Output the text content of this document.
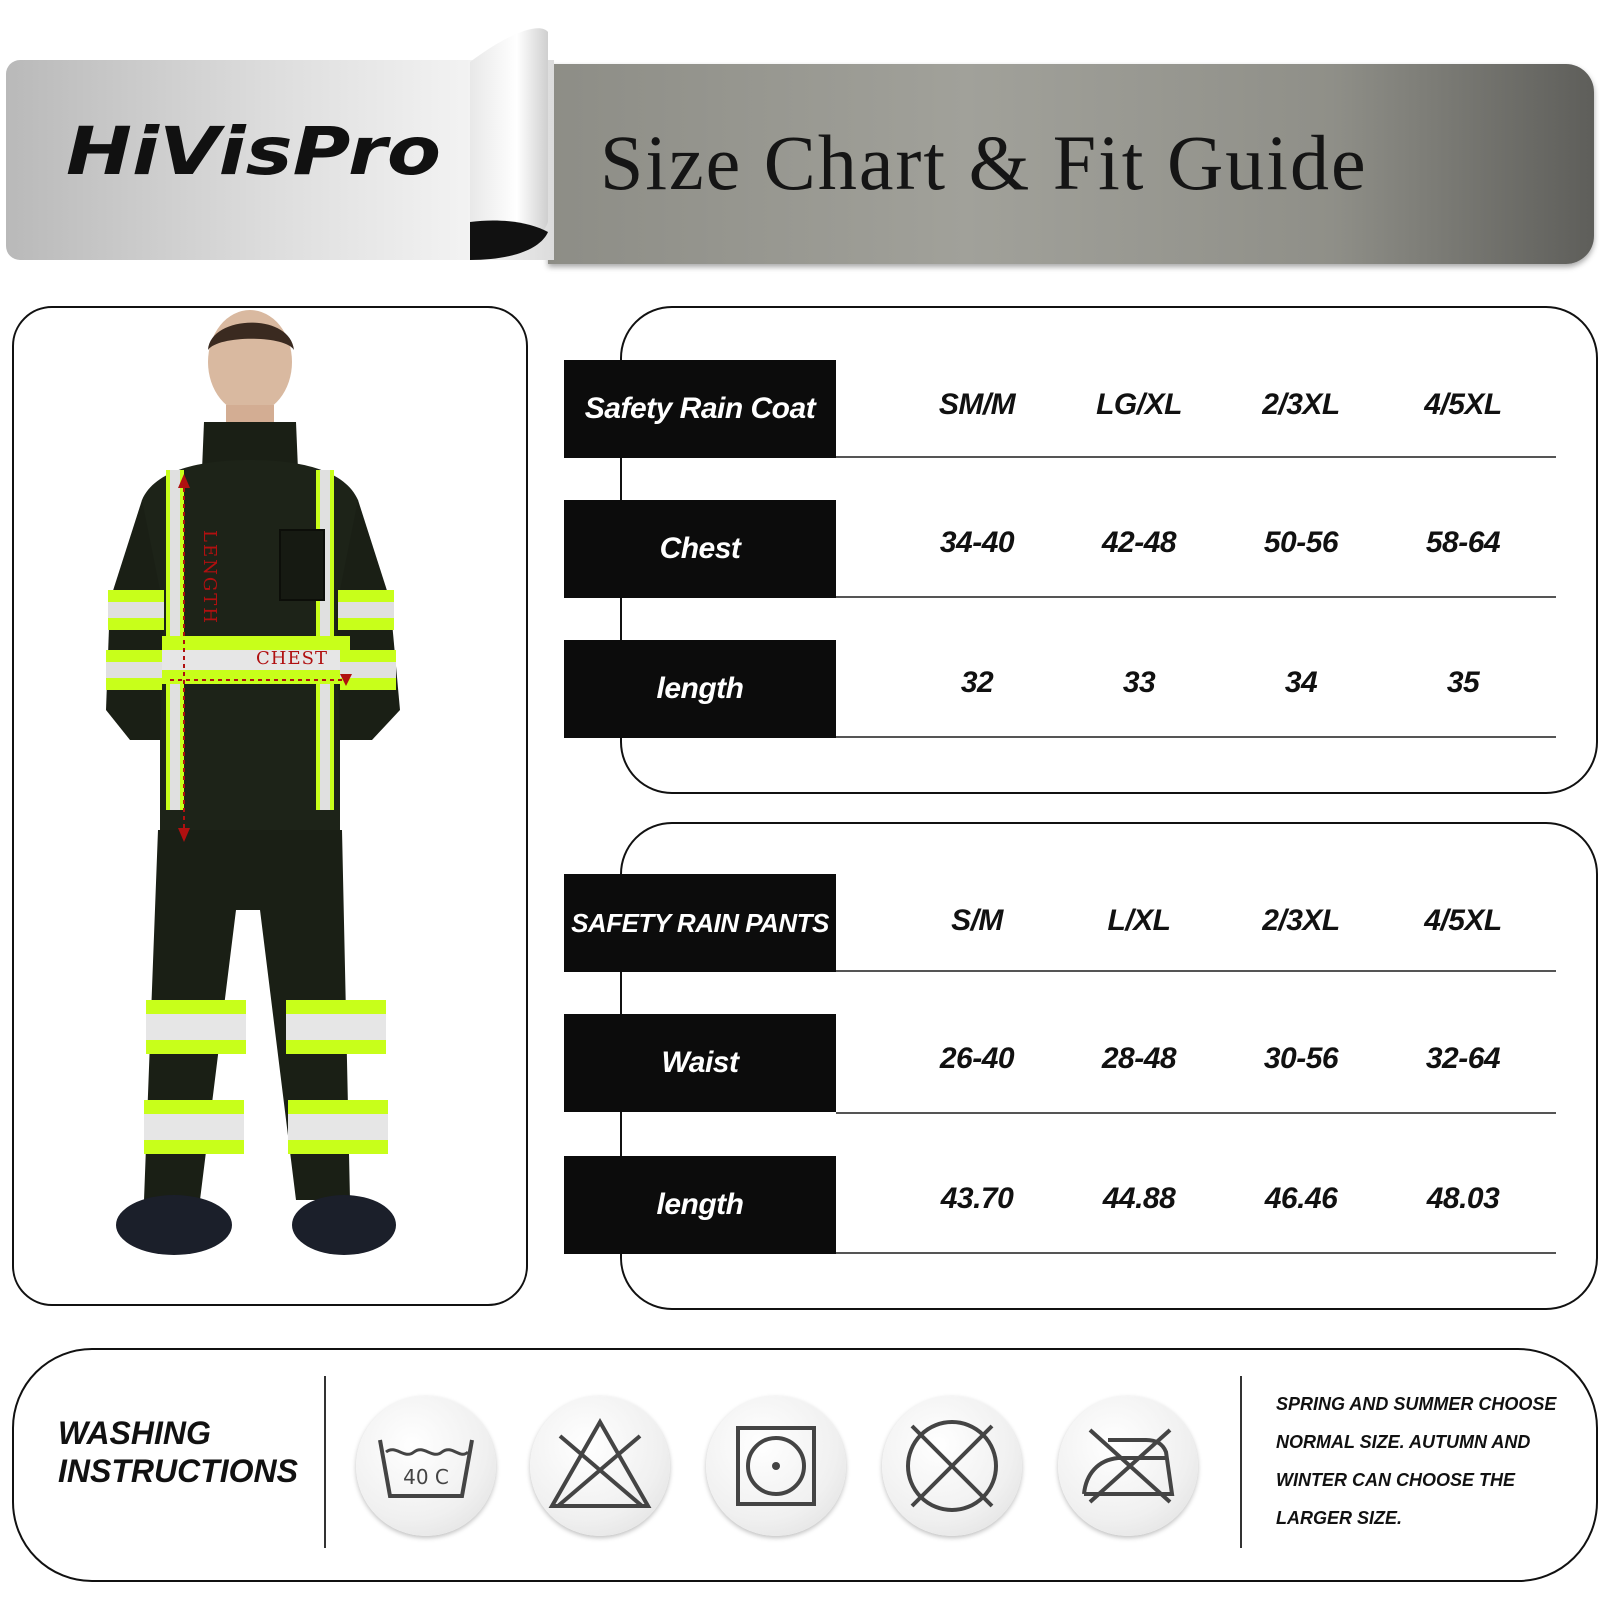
HiVisPro Size Chart & Fit Guide
LENGTH
CHEST
Safety Rain Coat	SM/M	LG/XL	2/3XL	4/5XL
Chest	34-40	42-48	50-56	58-64
length	32	33	34	35
SAFETY RAIN PANTS	S/M	L/XL	2/3XL	4/5XL
Waist	26-40	28-48	30-56	32-64
length	43.70	44.88	46.46	48.03
WASHING
INSTRUCTIONS	40 C
SPRING AND SUMMER CHOOSE
NORMAL SIZE. AUTUMN AND
WINTER CAN CHOOSE THE
LARGER SIZE.
